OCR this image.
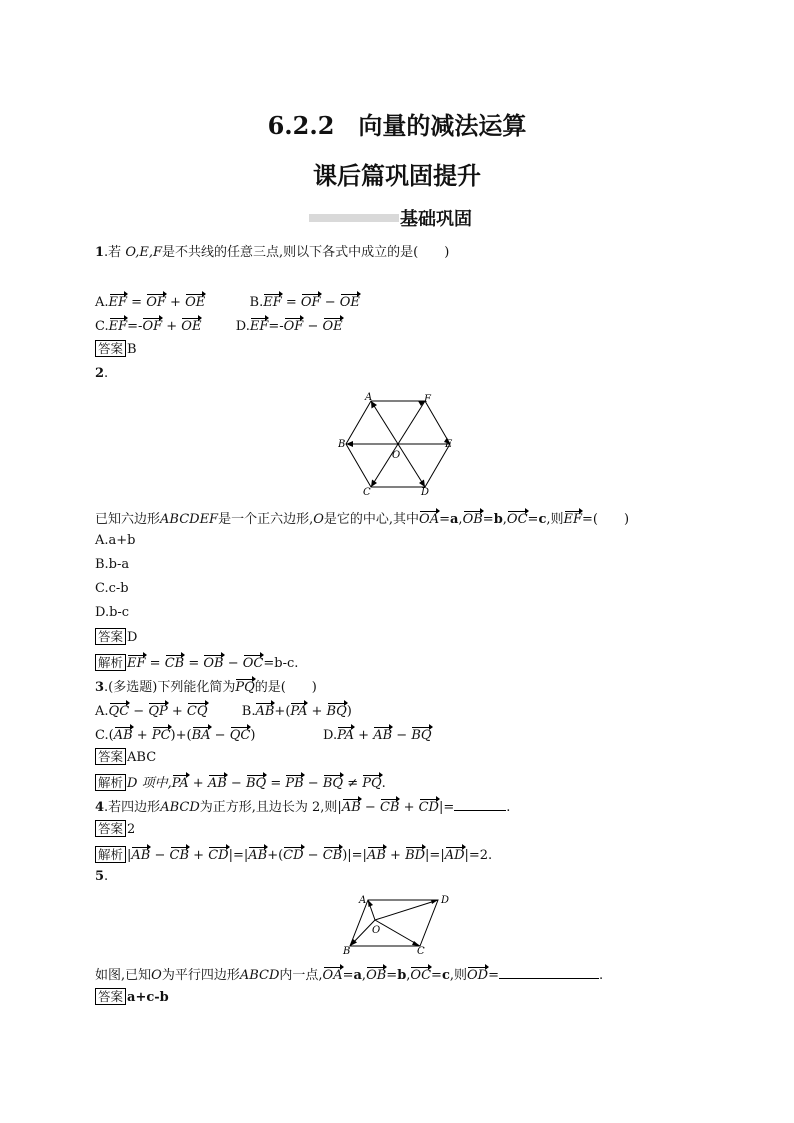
6.2.2　向量的减法运算
课后篇巩固提升
基础巩固
1.若 O,E,F是不共线的任意三点,则以下各式中成立的是(　　)
A.EF = OF + OE	B.EF = OF − OE
C.EF=-OF + OE	D.EF=-OF − OE
答案 B
2.
A	F
B	E
O
C	D
已知六边形ABCDEF是一个正六边形,O是它的中心,其中OA=a,OB=b,OC=c,则EF=(　　)
A.a+b
B.b-a
C.c-b
D.b-c
答案 D
解析 EF = CB = OB − OC=b-c.
3.(多选题)下列能化简为PQ的是(　　)
A.QC − QP + CQ	B.AB+(PA + BQ)
C.(AB + PC)+(BA − QC)	D.PA + AB − BQ
答案 ABC
解析 D 项中,PA + AB − BQ = PB − BQ ≠ PQ.
4.若四边形ABCD为正方形,且边长为 2,则|AB − CB + CD|=	.
答案 2
解析 |AB − CB + CD|=|AB+(CD − CB)|=|AB + BD|=|AD|=2.
5.
A	D
O
B	C
如图,已知O为平行四边形ABCD内一点,OA=a,OB=b,OC=c,则OD=	.
答案 a+c-b
